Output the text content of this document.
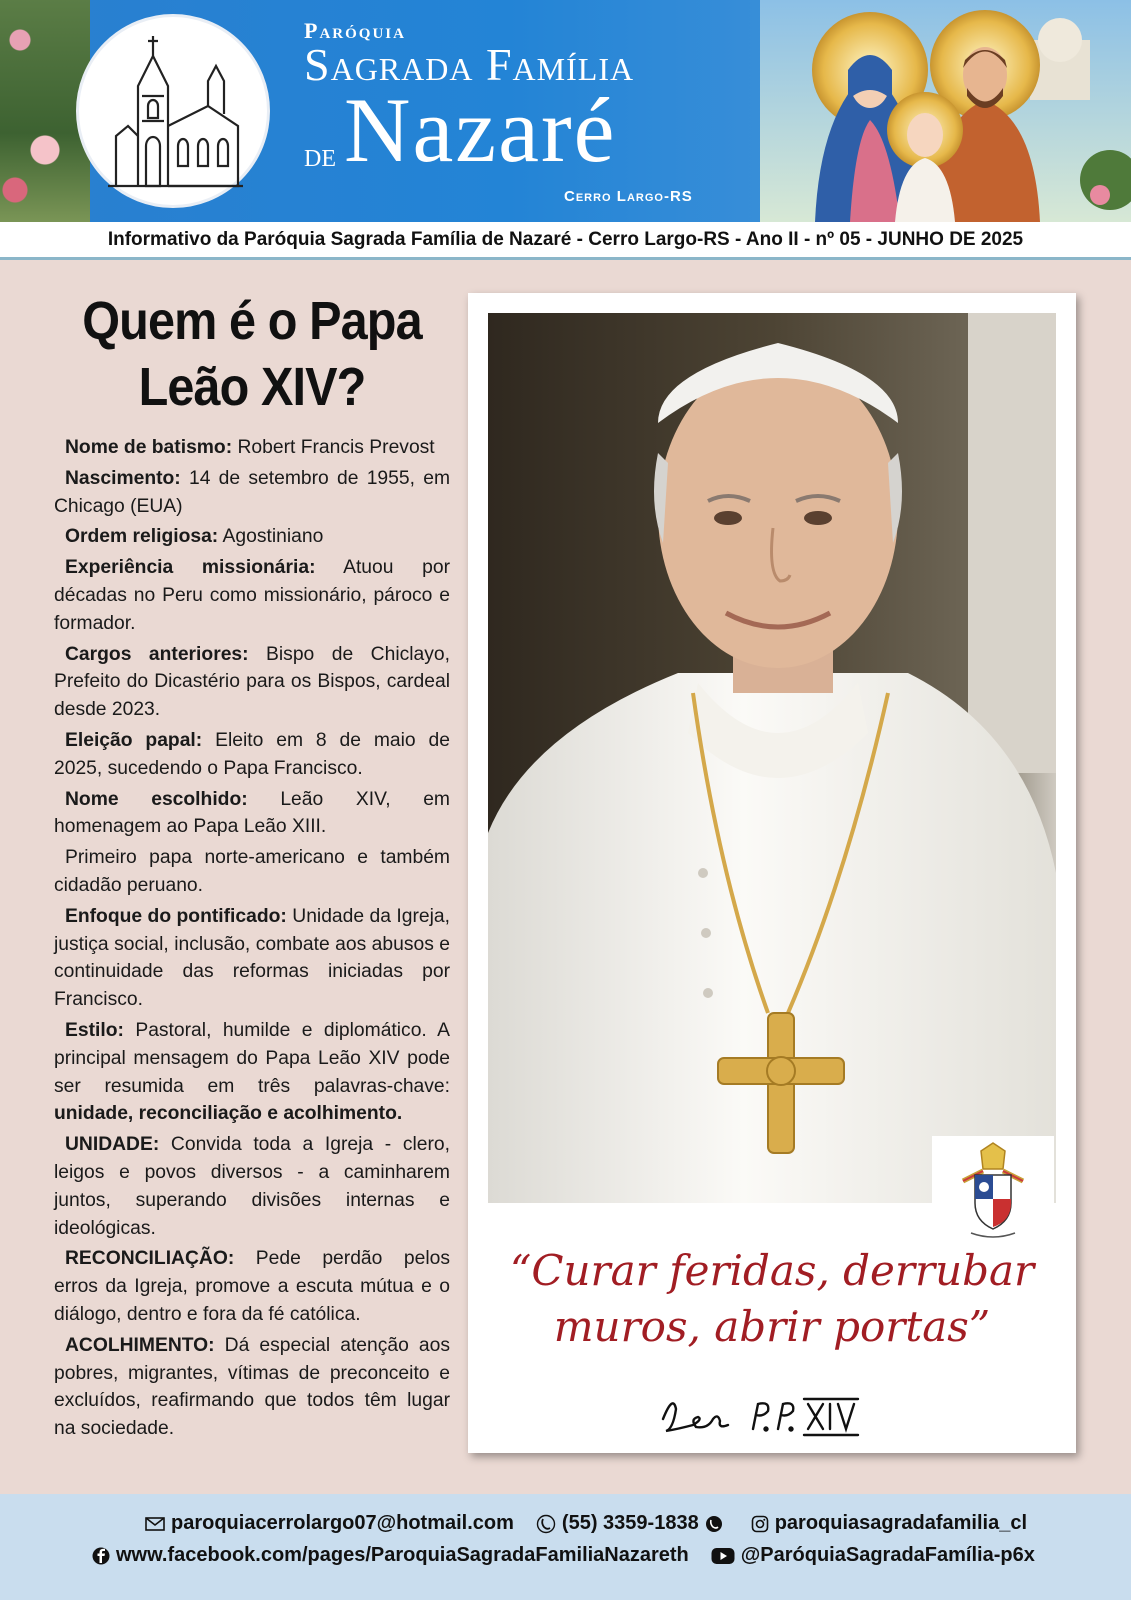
Paróquia
Sagrada Família
de Nazaré
Cerro Largo-RS
Informativo da Paróquia Sagrada Família de Nazaré - Cerro Largo-RS - Ano II - nº 05 - JUNHO DE 2025
Quem é o Papa Leão XIV?

Nome de batismo: Robert Francis Prevost

Nascimento: 14 de setembro de 1955, em Chicago (EUA)

Ordem religiosa: Agostiniano

Experiência missionária: Atuou por décadas no Peru como missionário, pároco e formador.

Cargos anteriores: Bispo de Chiclayo, Prefeito do Dicastério para os Bispos, cardeal desde 2023.

Eleição papal: Eleito em 8 de maio de 2025, sucedendo o Papa Francisco.

Nome escolhido: Leão XIV, em homenagem ao Papa Leão XIII.

Primeiro papa norte-americano e também cidadão peruano.

Enfoque do pontificado: Unidade da Igreja, justiça social, inclusão, combate aos abusos e continuidade das reformas iniciadas por Francisco.

Estilo: Pastoral, humilde e diplomático. A principal mensagem do Papa Leão XIV pode ser resumida em três palavras-chave: unidade, reconciliação e acolhimento.

UNIDADE: Convida toda a Igreja - clero, leigos e povos diversos - a caminharem juntos, superando divisões internas e ideológicas.

RECONCILIAÇÃO: Pede perdão pelos erros da Igreja, promove a escuta mútua e o diálogo, dentro e fora da fé católica.

ACOLHIMENTO: Dá especial atenção aos pobres, migrantes, vítimas de preconceito e excluídos, reafirmando que todos têm lugar na sociedade.

“Curar feridas, derrubar
muros, abrir portas”
paroquiacerrolargo07@hotmail.com (55) 3359-1838	paroquiasagradafamilia_cl
www.facebook.com/pages/ParoquiaSagradaFamiliaNazareth	@ParóquiaSagradaFamília-p6x
